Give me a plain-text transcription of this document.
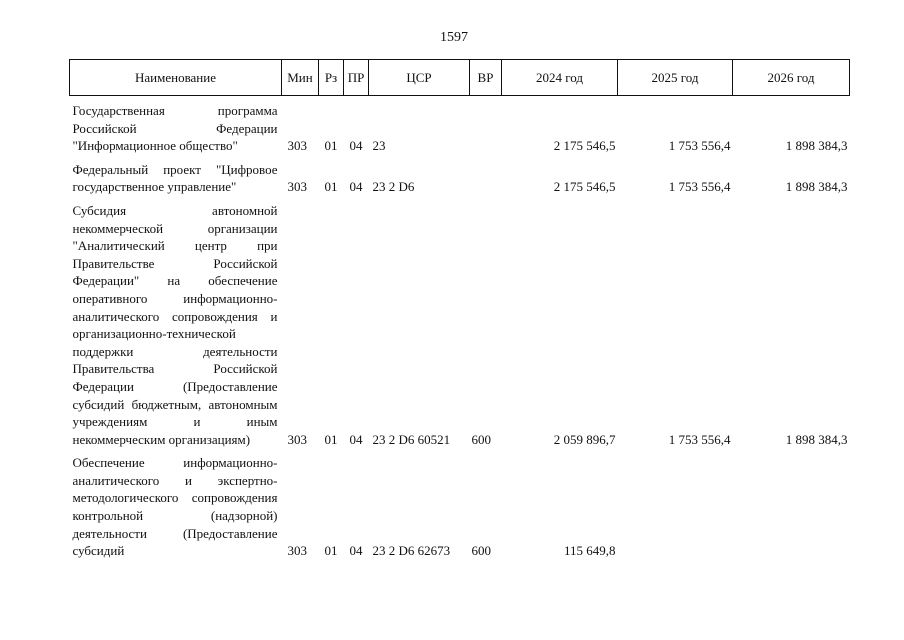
1597
Наименование	Мин	Рз	ПР	ЦСР	ВР	2024 год	2025 год	2026 год
Государственная программа Российской Федерации "Информационное общество"	303	01	04	23		2 175 546,5	1 753 556,4	1 898 384,3
Федеральный проект "Цифровое государственное управление"	303	01	04	23 2 D6		2 175 546,5	1 753 556,4	1 898 384,3
Субсидия автономной некоммерческой организации "Аналитический центр при Правительстве Российской Федерации" на обеспечение оперативного информационно-аналитического сопровождения и организационно-технической поддержки деятельности Правительства Российской Федерации (Предоставление субсидий бюджетным, автономным учреждениям и иным некоммерческим организациям)	303	01	04	23 2 D6 60521	600	2 059 896,7	1 753 556,4	1 898 384,3
Обеспечение информационно-аналитического и экспертно-методологического сопровождения контрольной (надзорной) деятельности (Предоставление субсидий	303	01	04	23 2 D6 62673	600	115 649,8		
